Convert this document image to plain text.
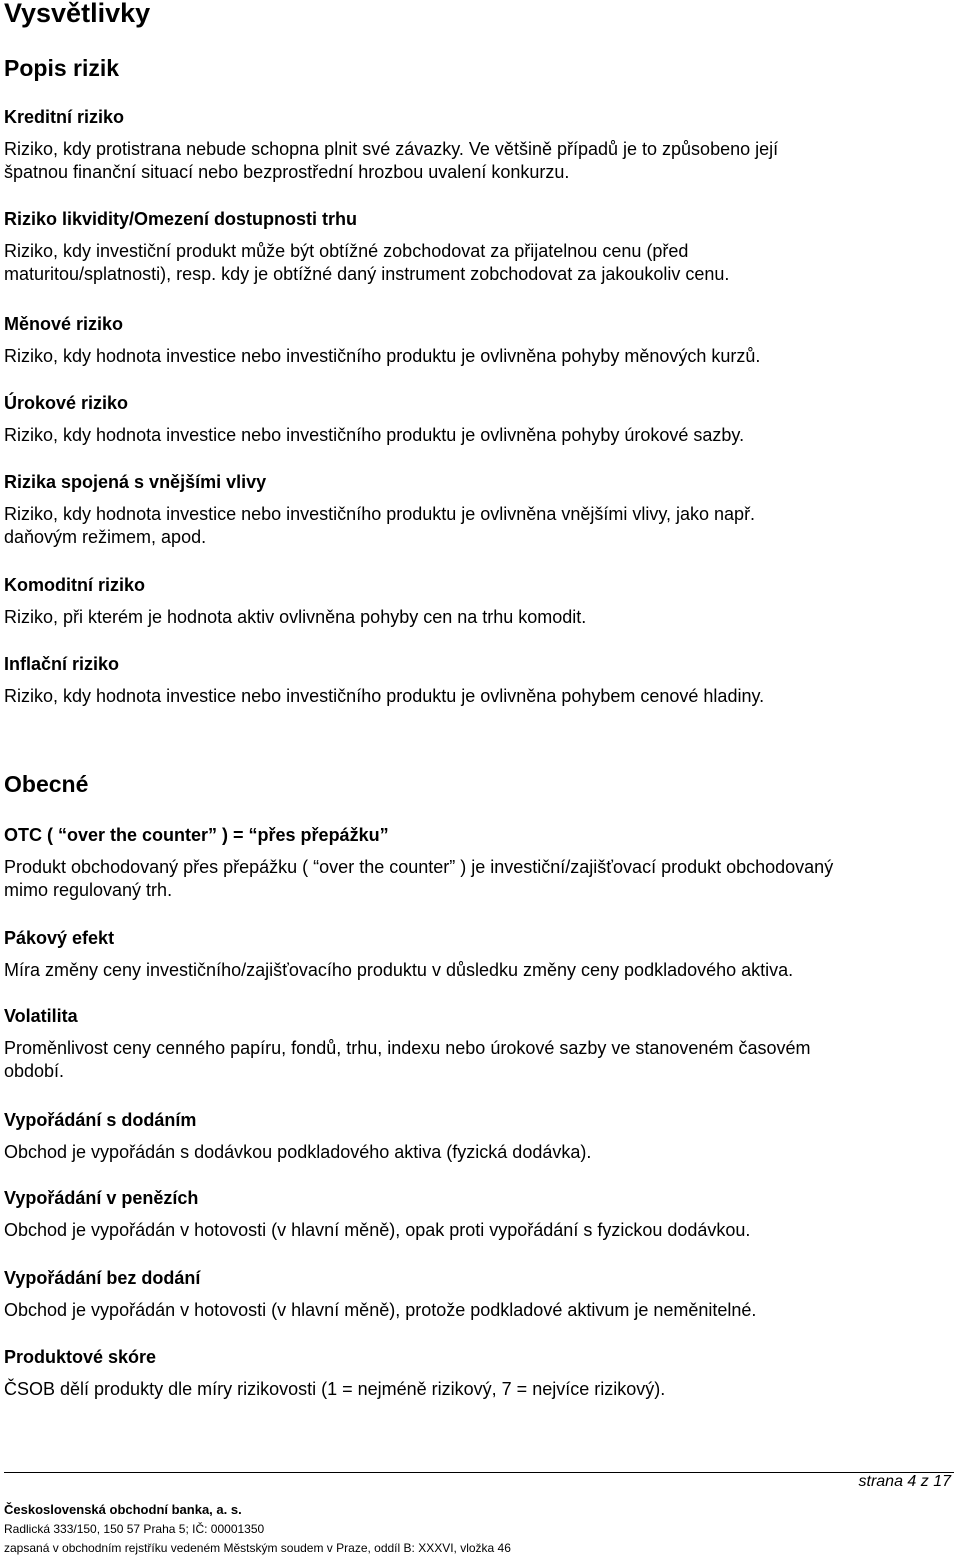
Vysvětlivky
Popis rizik
Kreditní riziko
Riziko, kdy protistrana nebude schopna plnit své závazky. Ve většině případů je to způsobeno její
špatnou finanční situací nebo bezprostřední hrozbou uvalení konkurzu.
Riziko likvidity/Omezení dostupnosti trhu
Riziko, kdy investiční produkt může být obtížné zobchodovat za přijatelnou cenu (před
maturitou/splatnosti), resp. kdy je obtížné daný instrument zobchodovat za jakoukoliv cenu.
Měnové riziko
Riziko, kdy hodnota investice nebo investičního produktu je ovlivněna pohyby měnových kurzů.
Úrokové riziko
Riziko, kdy hodnota investice nebo investičního produktu je ovlivněna pohyby úrokové sazby.
Rizika spojená s vnějšími vlivy
Riziko, kdy hodnota investice nebo investičního produktu je ovlivněna vnějšími vlivy, jako např.
daňovým režimem, apod.
Komoditní riziko
Riziko, při kterém je hodnota aktiv ovlivněna pohyby cen na trhu komodit.
Inflační riziko
Riziko, kdy hodnota investice nebo investičního produktu je ovlivněna pohybem cenové hladiny.
Obecné
OTC ( “over the counter” ) = “přes přepážku”
Produkt obchodovaný přes přepážku ( “over the counter” ) je investiční/zajišťovací produkt obchodovaný
mimo regulovaný trh.
Pákový efekt
Míra změny ceny investičního/zajišťovacího produktu v důsledku změny ceny podkladového aktiva.
Volatilita
Proměnlivost ceny cenného papíru, fondů, trhu, indexu nebo úrokové sazby ve stanoveném časovém
období.
Vypořádání s dodáním
Obchod je vypořádán s dodávkou podkladového aktiva (fyzická dodávka).
Vypořádání v penězích
Obchod je vypořádán v hotovosti (v hlavní měně), opak proti vypořádání s fyzickou dodávkou.
Vypořádání bez dodání
Obchod je vypořádán v hotovosti (v hlavní měně), protože podkladové aktivum je neměnitelné.
Produktové skóre
ČSOB dělí produkty dle míry rizikovosti (1 = nejméně rizikový, 7 = nejvíce rizikový).
strana 4 z 17
Československá obchodní banka, a. s.
Radlická 333/150, 150 57 Praha 5; IČ: 00001350
zapsaná v obchodním rejstříku vedeném Městským soudem v Praze, oddíl B: XXXVI, vložka 46
